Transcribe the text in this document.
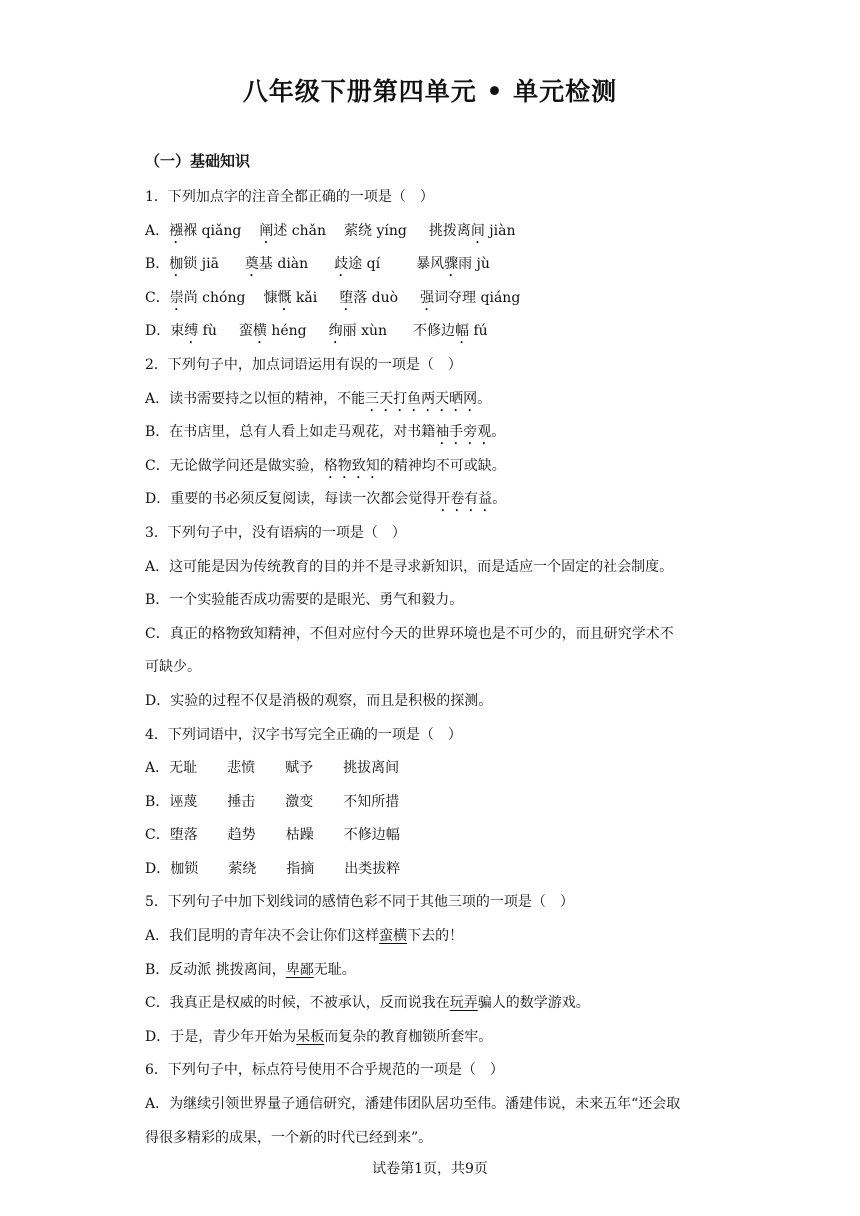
八年级下册第四单元 • 单元检测
（一）基础知识
1．下列加点字的注音全都正确的一项是（　）
A．襁褓 qiǎng 阐述 chǎn 萦绕 yíng 挑拨离间 jiàn
B．枷锁 jiā 奠基 diàn 歧途 qí	暴风骤雨 jù
C．崇尚 chóng 慷慨 kǎi 堕落 duò 强词夺理 qiáng
D．束缚 fù 蛮横 héng 绚丽 xùn 不修边幅 fú
2．下列句子中，加点词语运用有误的一项是（　）
A．读书需要持之以恒的精神，不能三天打鱼两天晒网。
B．在书店里，总有人看上如走马观花，对书籍袖手旁观。
C．无论做学问还是做实验，格物致知的精神均不可或缺。
D．重要的书必须反复阅读，每读一次都会觉得开卷有益。
3．下列句子中，没有语病的一项是（　）
A．这可能是因为传统教育的目的并不是寻求新知识，而是适应一个固定的社会制度。
B．一个实验能否成功需要的是眼光、勇气和毅力。
C．真正的格物致知精神，不但对应付今天的世界环境也是不可少的，而且研究学术不
可缺少。
D．实验的过程不仅是消极的观察，而且是积极的探测。
4．下列词语中，汉字书写完全正确的一项是（　）
A．无耻 悲愤 赋予 挑拔离间
B．诬蔑 捶击 激变 不知所措
C．堕落 趋势 枯躁 不修边幅
D．枷锁 萦绕 指摘 出类拔粹
5．下列句子中加下划线词的感情色彩不同于其他三项的一项是（　）
A．我们昆明的青年决不会让你们这样蛮横下去的！
B．反动派 挑拨离间，卑鄙无耻。
C．我真正是权威的时候，不被承认，反而说我在玩弄骗人的数学游戏。
D．于是，青少年开始为呆板而复杂的教育枷锁所套牢。
6．下列句子中，标点符号使用不合乎规范的一项是（　）
A．为继续引领世界量子通信研究，潘建伟团队居功至伟。潘建伟说，未来五年“还会取
得很多精彩的成果，一个新的时代已经到来”。
试卷第1页，共9页
